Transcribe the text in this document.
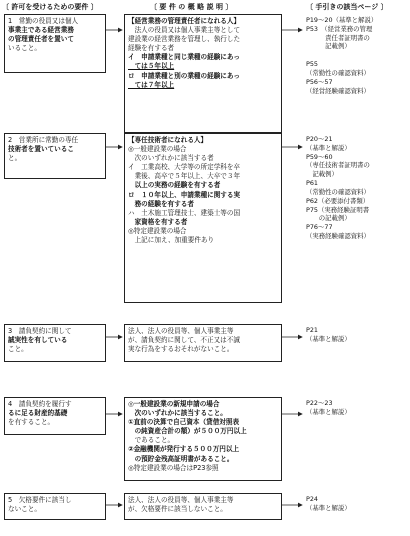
〔 許可を受けるための要件 〕	〔 要 件 の 概 略 説 明 〕	〔 手引きの該当ページ 〕
1　常勤の役員又は個人
事業主である経営業務
の管理責任者を置いて
いること。
【経営業務の管理責任者になれる人】
　法人の役員又は個人事業主等として
建設業の経営業務を管理し、執行した
経験を有する者
イ　申請業種と同じ業種の経験にあっ
　ては５年以上
ロ　申請業種と別の業種の経験にあっ
　ては７年以上
P19～20（基準と解説）
P53　（経営業務の管理
　　　責任者証明書の
　　　記載例）
P55
（常勤性の確認資料）
P56～57
（経営経験確認資料）
2　営業所に常勤の専任
技術者を置いているこ
と。
【専任技術者になれる人】
◎一般建設業の場合
　次のいずれかに該当する者
イ　工業高校、大学等の所定学科を卒
　業後、高卒で５年以上、大卒で３年
　以上の実務の経験を有する者
ロ　１０年以上、申請業種に関する実
　務の経験を有する者
ハ　土木施工管理技士、建築士等の国
　家資格を有する者
◎特定建設業の場合
　上記に加え、加重要件あり
P20～21
（基準と解説）
P59～60
（専任技術者証明書の
　記載例）
P61
（常勤性の確認資料）
P62（必要添付書類）
P75（実務経験証明書
　　の記載例）
P76～77
（実務経験確認資料）
3　請負契約に関して
誠実性を有している
こと。
法人、法人の役員等、個人事業主等
が、請負契約に関して、不正又は不誠
実な行為をするおそれがないこと。
P21
（基準と解説）
4　請負契約を履行す
るに足る財産的基礎
を有すること。
◎一般建設業の新規申請の場合
　次のいずれかに該当すること。
①直前の決算で自己資本（貸借対照表
　の純資産合計の額）が５００万円以上
　であること。
②金融機関が発行する５００万円以上
　の預貯金残高証明書があること。
◎特定建設業の場合はP23参照
P22～23
（基準と解説）
5　欠格要件に該当し
ないこと。
法人、法人の役員等、個人事業主等
が、欠格要件に該当しないこと。
P24
（基準と解説）
